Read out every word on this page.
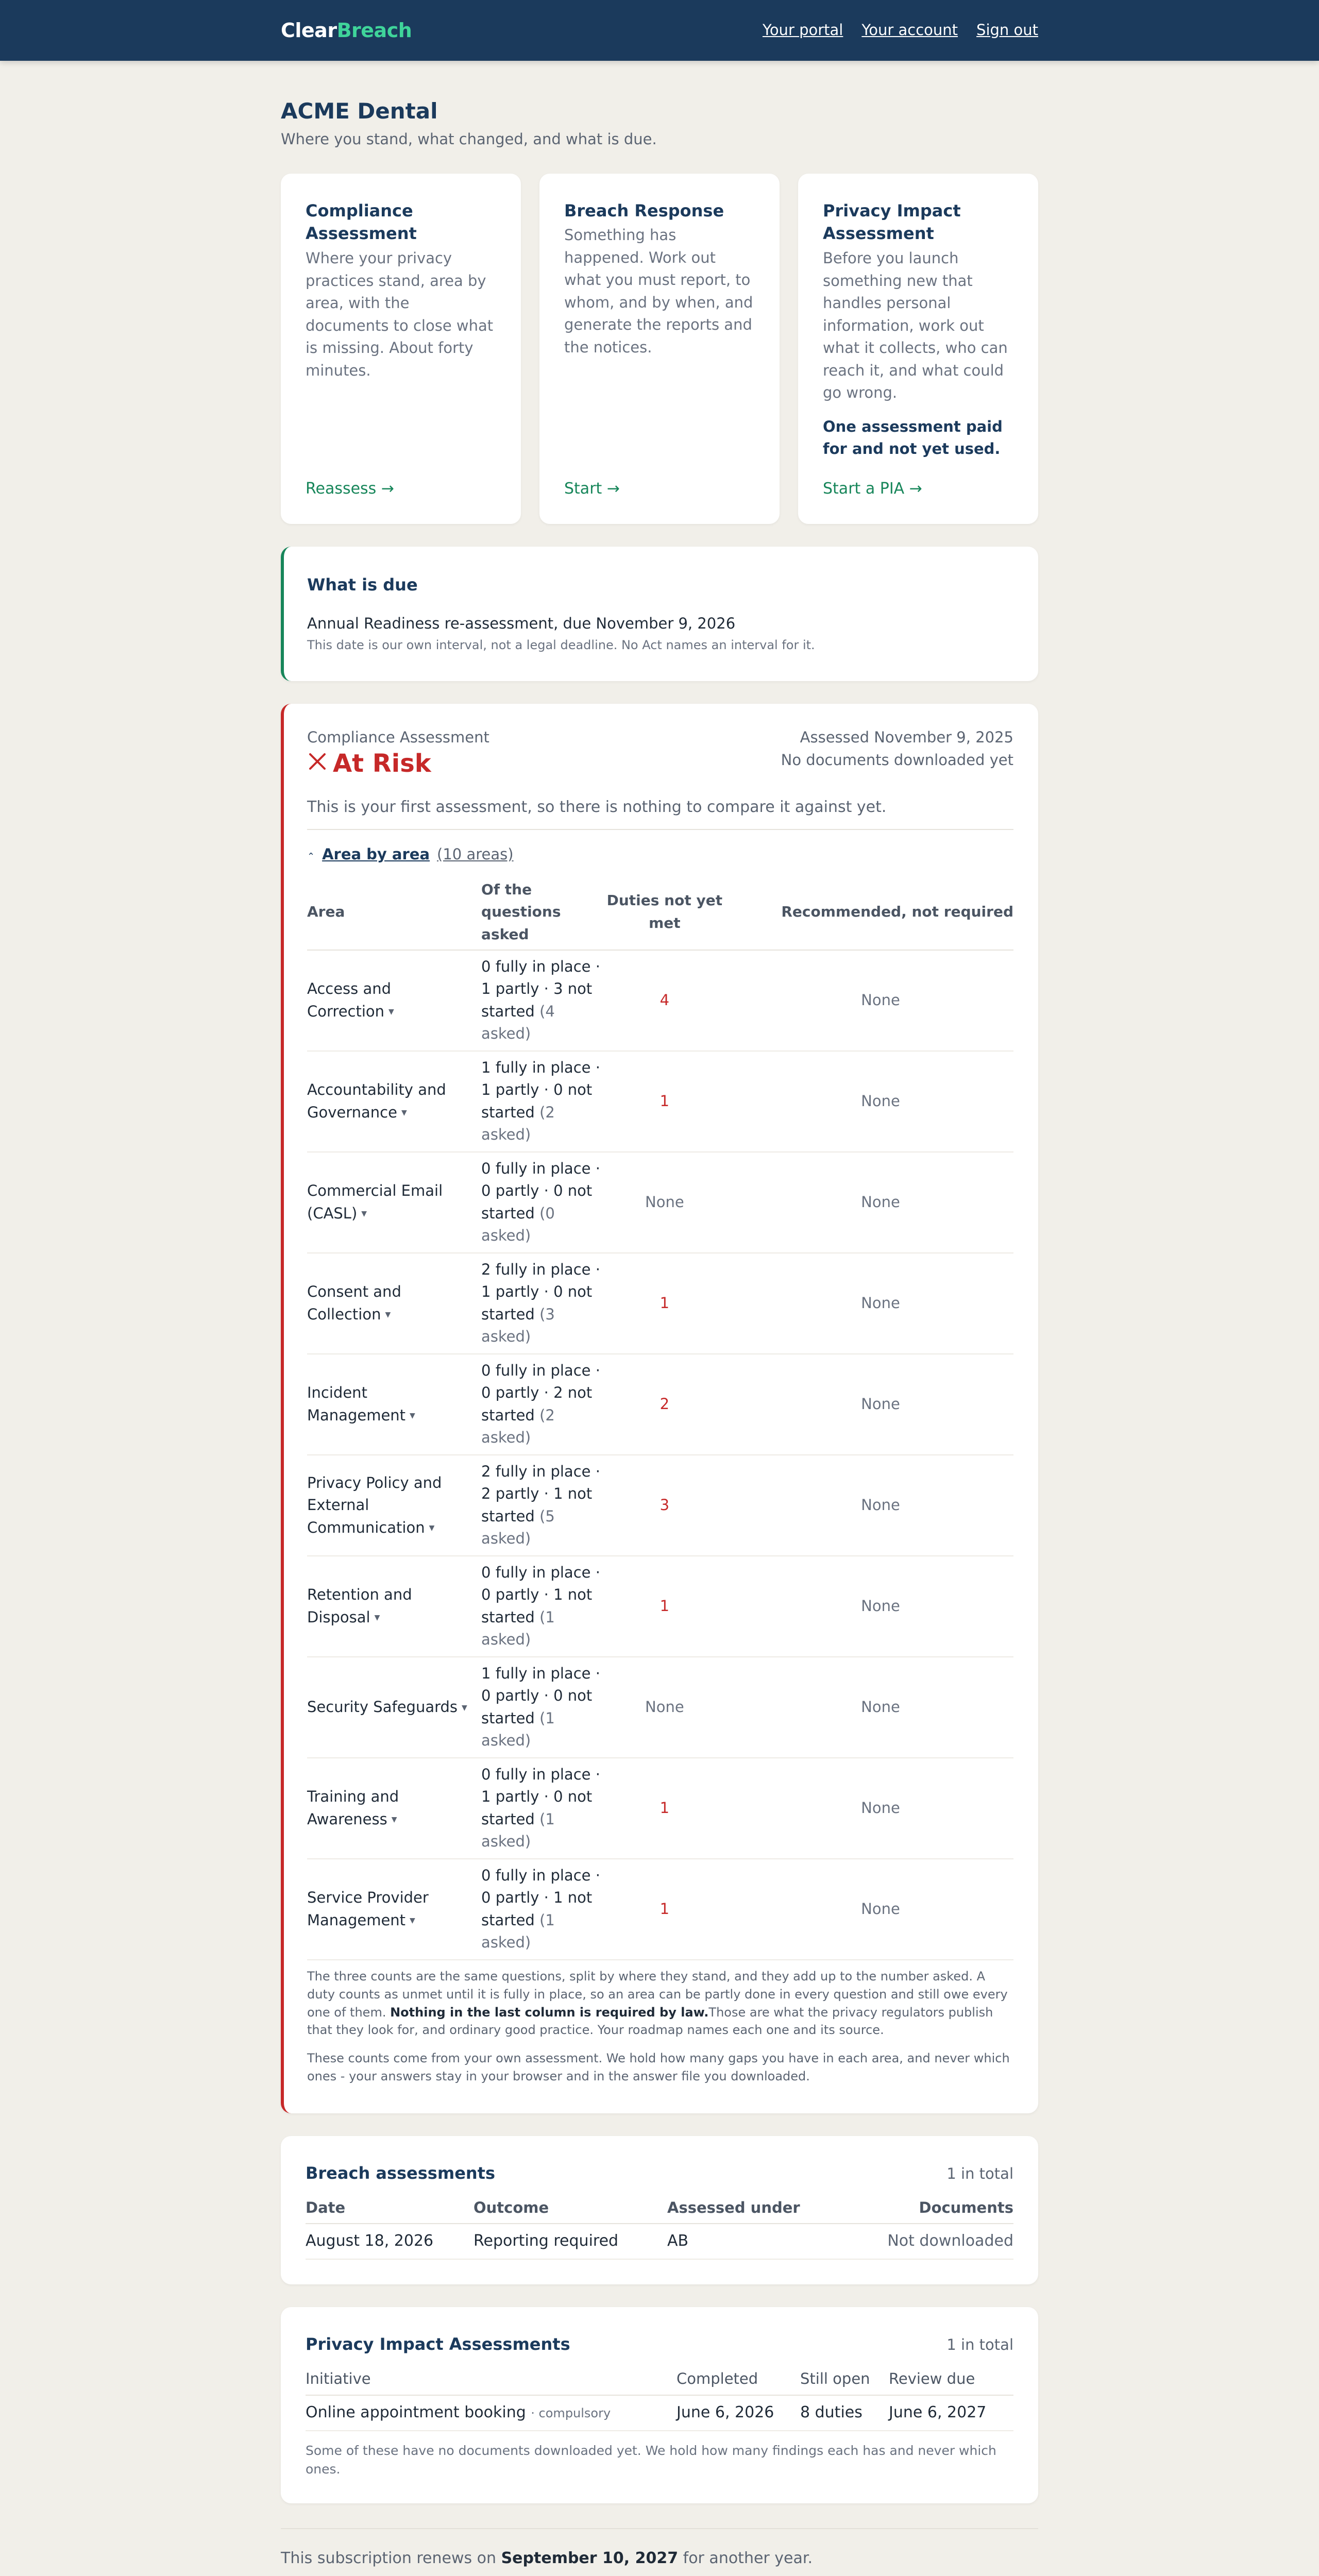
ClearBreach	Your portal Your account Sign out
ACME Dental
Where you stand, what changed, and what is due.
Compliance Assessment

Where your privacy practices stand, area by area, with the documents to close what is missing. About forty minutes.

Reassess →
Breach Response

Something has happened. Work out what you must report, to whom, and by when, and generate the reports and the notices.

Start →
Privacy Impact Assessment

Before you launch something new that handles personal information, work out what it collects, who can reach it, and what could go wrong.

One assessment paid for and not yet used.
Start a PIA →
What is due
Annual Readiness re-assessment, due November 9, 2026
This date is our own interval, not a legal deadline. No Act names an interval for it.
Compliance Assessment
At Risk
Assessed November 9, 2025
No documents downloaded yet
This is your first assessment, so there is nothing to compare it against yet.
⌃ Area by area (10 areas)
Area	Of the questions asked	Duties not yet met	Recommended, not required
Access and Correction ▼	0 fully in place · 1 partly · 3 not started (4 asked)	4	None
Accountability and Governance ▼	1 fully in place · 1 partly · 0 not started (2 asked)	1	None
Commercial Email (CASL) ▼	0 fully in place · 0 partly · 0 not started (0 asked)	None	None
Consent and Collection ▼	2 fully in place · 1 partly · 0 not started (3 asked)	1	None
Incident Management ▼	0 fully in place · 0 partly · 2 not started (2 asked)	2	None
Privacy Policy and External Communication ▼	2 fully in place · 2 partly · 1 not started (5 asked)	3	None
Retention and Disposal ▼	0 fully in place · 0 partly · 1 not started (1 asked)	1	None
Security Safeguards ▼	1 fully in place · 0 partly · 0 not started (1 asked)	None	None
Training and Awareness ▼	0 fully in place · 1 partly · 0 not started (1 asked)	1	None
Service Provider Management ▼	0 fully in place · 0 partly · 1 not started (1 asked)	1	None
The three counts are the same questions, split by where they stand, and they add up to the number asked. A duty counts as unmet until it is fully in place, so an area can be partly done in every question and still owe every one of them. Nothing in the last column is required by law.Those are what the privacy regulators publish that they look for, and ordinary good practice. Your roadmap names each one and its source.
These counts come from your own assessment. We hold how many gaps you have in each area, and never which ones - your answers stay in your browser and in the answer file you downloaded.
Breach assessments	1 in total
Date	Outcome	Assessed under	Documents
August 18, 2026	Reporting required	AB	Not downloaded
Privacy Impact Assessments	1 in total
Initiative	Completed	Still open	Review due
Online appointment booking · compulsory	June 6, 2026	8 duties	June 6, 2027
Some of these have no documents downloaded yet. We hold how many findings each has and never which ones.
This subscription renews on September 10, 2027 for another year.
